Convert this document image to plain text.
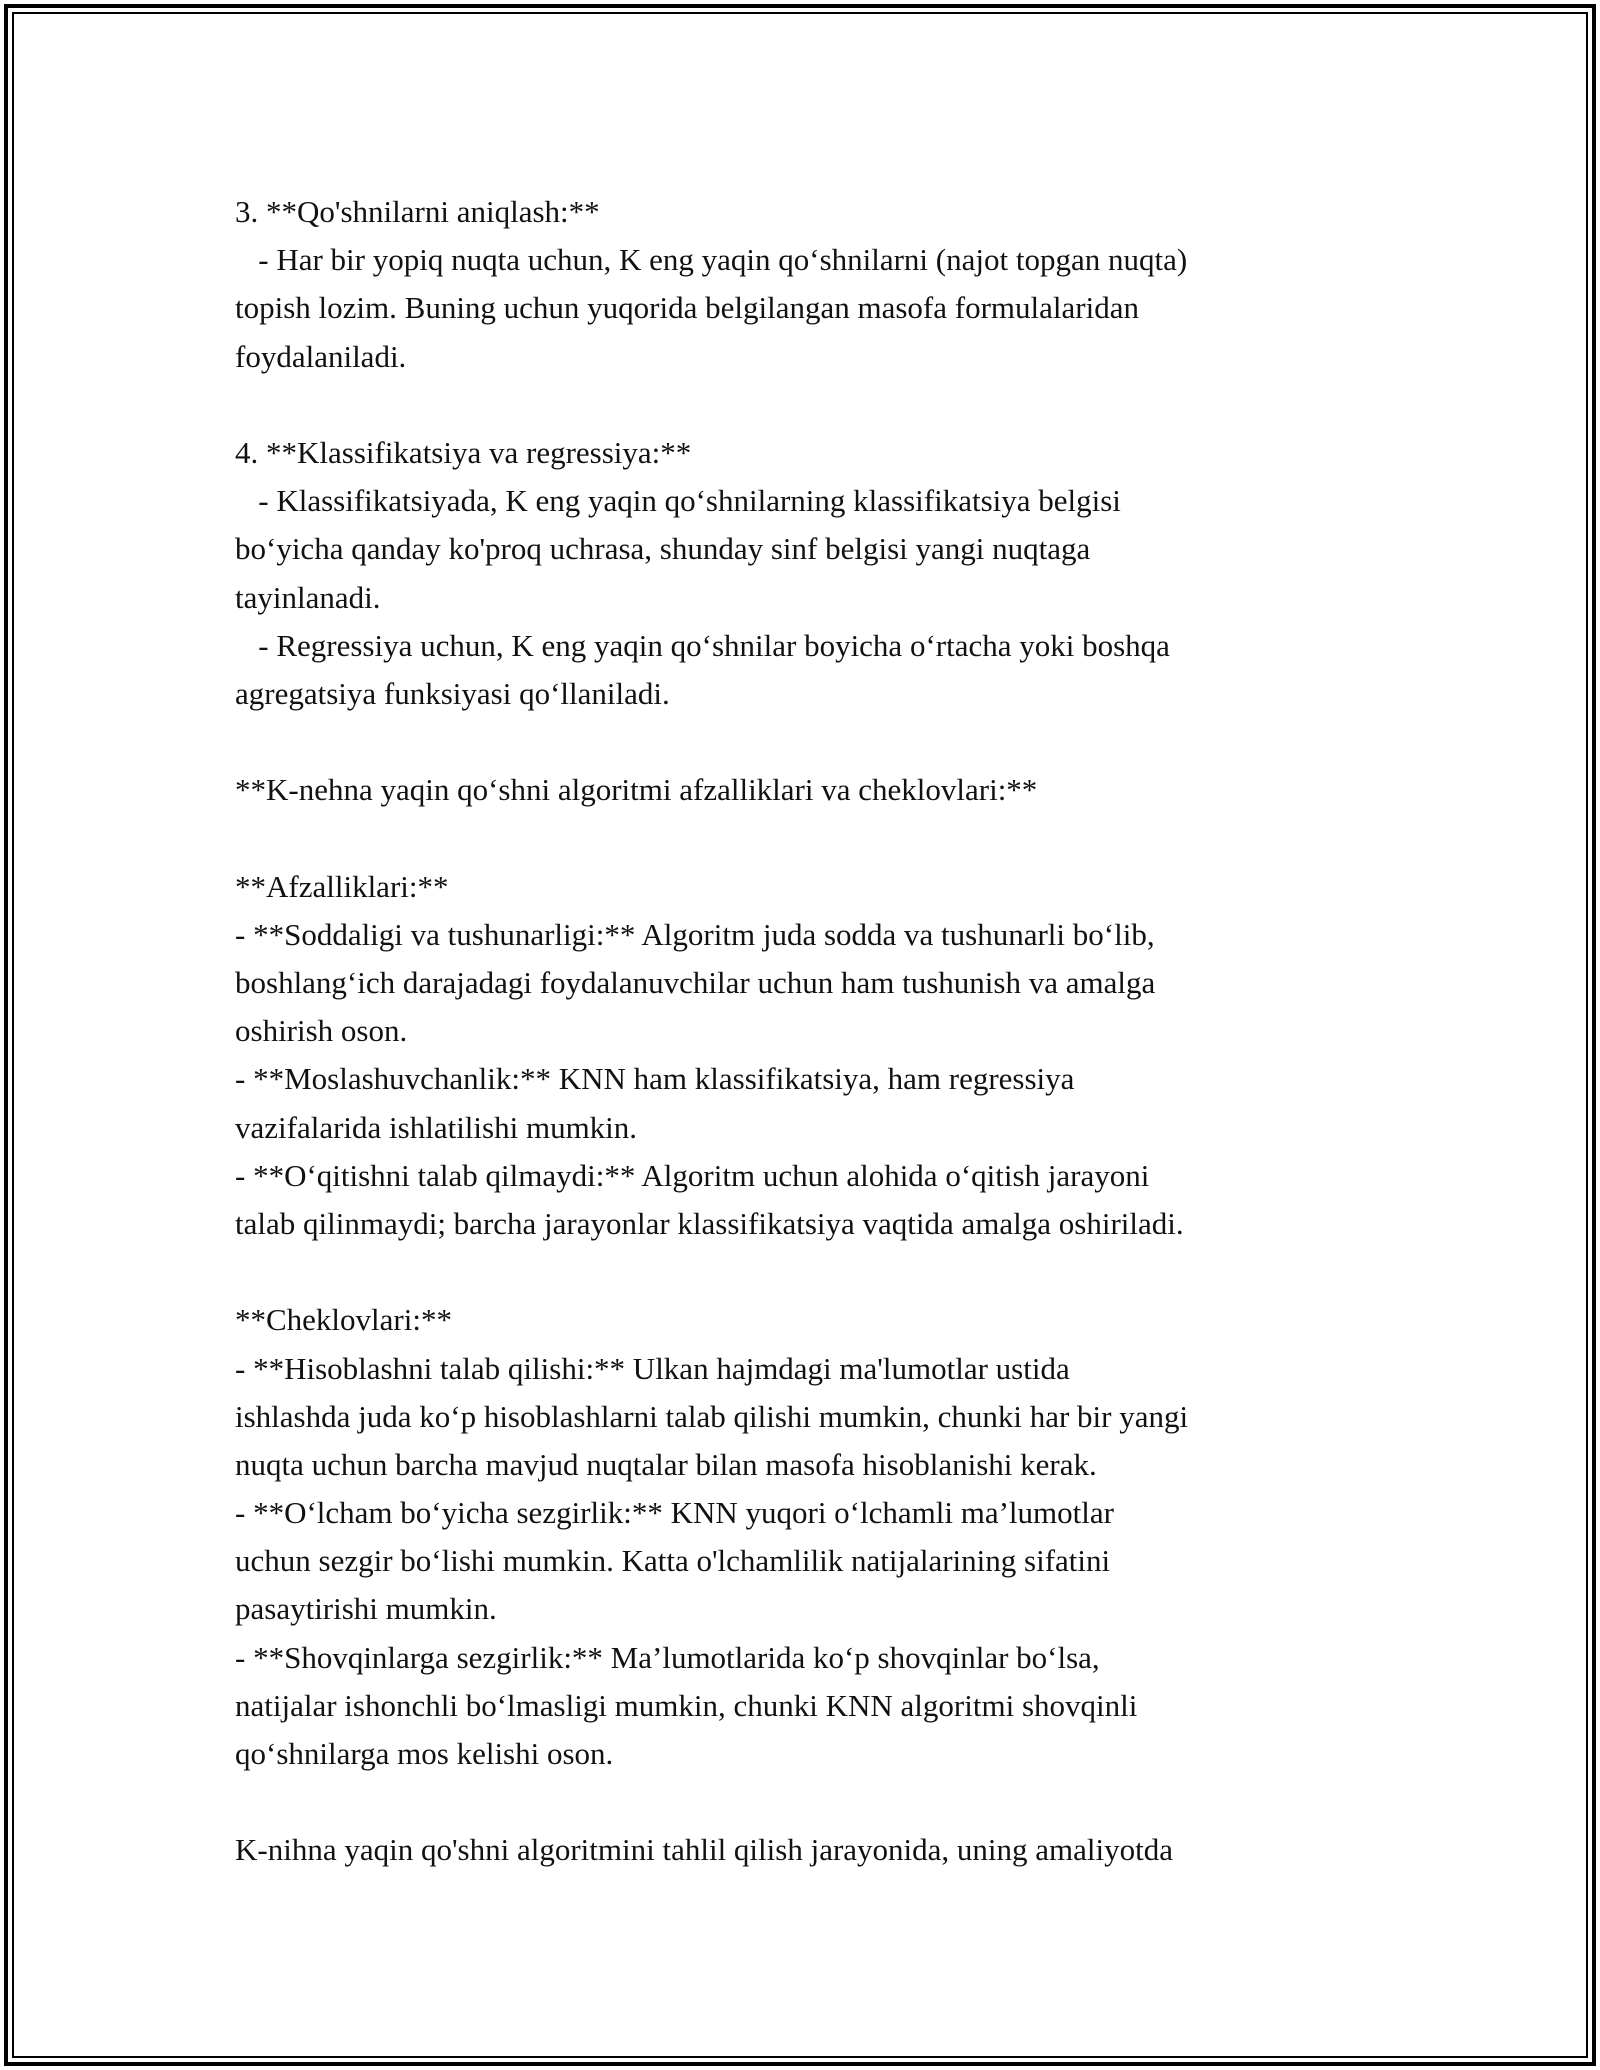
3. **Qo'shnilarni aniqlash:**
- Har bir yopiq nuqta uchun, K eng yaqin qo‘shnilarni (najot topgan nuqta)
topish lozim. Buning uchun yuqorida belgilangan masofa formulalaridan
foydalaniladi.
4. **Klassifikatsiya va regressiya:**
- Klassifikatsiyada, K eng yaqin qo‘shnilarning klassifikatsiya belgisi
bo‘yicha qanday ko'proq uchrasa, shunday sinf belgisi yangi nuqtaga
tayinlanadi.
- Regressiya uchun, K eng yaqin qo‘shnilar boyicha o‘rtacha yoki boshqa
agregatsiya funksiyasi qo‘llaniladi.
**K-nehna yaqin qo‘shni algoritmi afzalliklari va cheklovlari:**
**Afzalliklari:**
- **Soddaligi va tushunarligi:** Algoritm juda sodda va tushunarli bo‘lib,
boshlang‘ich darajadagi foydalanuvchilar uchun ham tushunish va amalga
oshirish oson.
- **Moslashuvchanlik:** KNN ham klassifikatsiya, ham regressiya
vazifalarida ishlatilishi mumkin.
- **O‘qitishni talab qilmaydi:** Algoritm uchun alohida o‘qitish jarayoni
talab qilinmaydi; barcha jarayonlar klassifikatsiya vaqtida amalga oshiriladi.
**Cheklovlari:**
- **Hisoblashni talab qilishi:** Ulkan hajmdagi ma'lumotlar ustida
ishlashda juda ko‘p hisoblashlarni talab qilishi mumkin, chunki har bir yangi
nuqta uchun barcha mavjud nuqtalar bilan masofa hisoblanishi kerak.
- **O‘lcham bo‘yicha sezgirlik:** KNN yuqori o‘lchamli ma’lumotlar
uchun sezgir bo‘lishi mumkin. Katta o'lchamlilik natijalarining sifatini
pasaytirishi mumkin.
- **Shovqinlarga sezgirlik:** Ma’lumotlarida ko‘p shovqinlar bo‘lsa,
natijalar ishonchli bo‘lmasligi mumkin, chunki KNN algoritmi shovqinli
qo‘shnilarga mos kelishi oson.
K-nihna yaqin qo'shni algoritmini tahlil qilish jarayonida, uning amaliyotda
